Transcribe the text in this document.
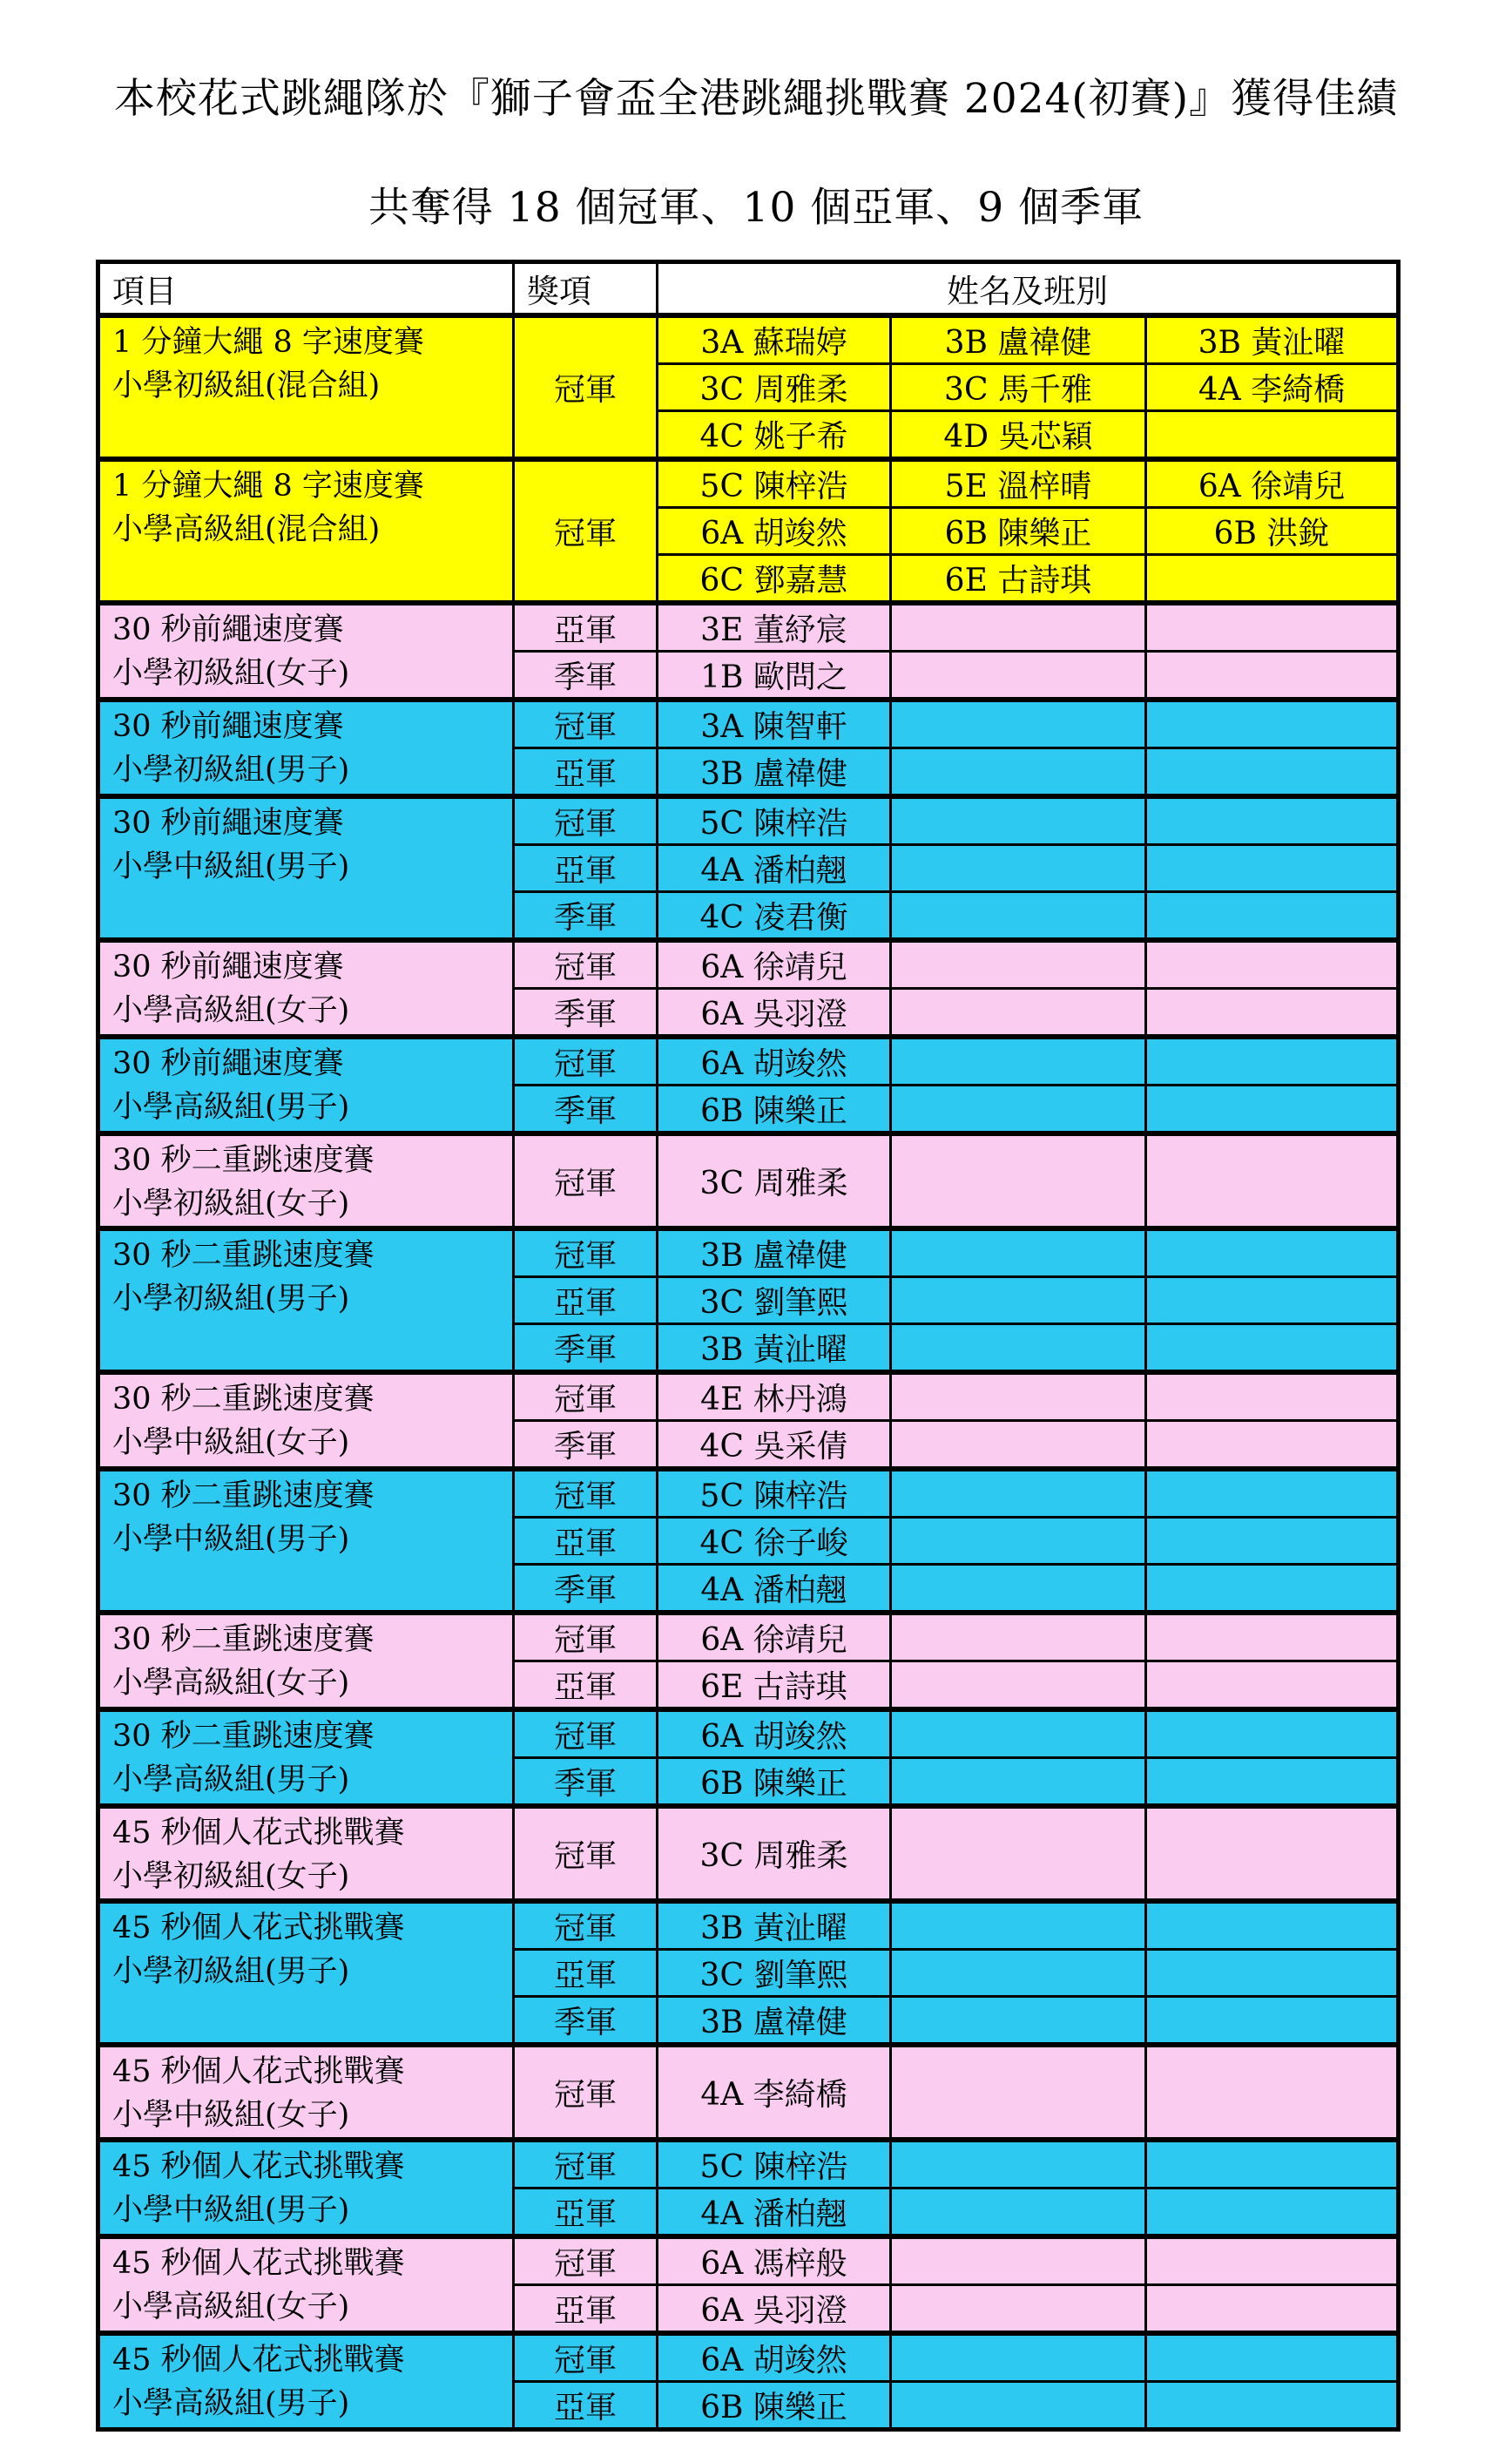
本校花式跳繩隊於『獅子會盃全港跳繩挑戰賽 2024(初賽)』獲得佳績
共奪得 18 個冠軍、10 個亞軍、9 個季軍
項目	獎項	姓名及班別		

1 分鐘大繩 8 字速度賽
小學初級組(混合組)	冠軍	3A 蘇瑞婷	3B 盧禕健	3B 黃沚曜
		3C 周雅柔	3C 馬千雅	4A 李綺橋
		4C 姚子希	4D 吳芯穎	

1 分鐘大繩 8 字速度賽
小學高級組(混合組)	冠軍	5C 陳梓浩	5E 溫梓晴	6A 徐靖兒
		6A 胡竣然	6B 陳樂正	6B 洪銳
		6C 鄧嘉慧	6E 古詩琪	

30 秒前繩速度賽
小學初級組(女子)	亞軍	3E 董紓宸		
	季軍	1B 歐問之		

30 秒前繩速度賽
小學初級組(男子)	冠軍	3A 陳智軒		
	亞軍	3B 盧禕健		

30 秒前繩速度賽
小學中級組(男子)	冠軍	5C 陳梓浩		
	亞軍	4A 潘柏翹		
	季軍	4C 凌君衡		

30 秒前繩速度賽
小學高級組(女子)	冠軍	6A 徐靖兒		
	季軍	6A 吳羽澄		

30 秒前繩速度賽
小學高級組(男子)	冠軍	6A 胡竣然		
	季軍	6B 陳樂正		

30 秒二重跳速度賽
小學初級組(女子)	冠軍	3C 周雅柔		

30 秒二重跳速度賽
小學初級組(男子)	冠軍	3B 盧禕健		
	亞軍	3C 劉筆熙		
	季軍	3B 黃沚曜		

30 秒二重跳速度賽
小學中級組(女子)	冠軍	4E 林丹鴻		
	季軍	4C 吳采倩		

30 秒二重跳速度賽
小學中級組(男子)	冠軍	5C 陳梓浩		
	亞軍	4C 徐子峻		
	季軍	4A 潘柏翹		

30 秒二重跳速度賽
小學高級組(女子)	冠軍	6A 徐靖兒		
	亞軍	6E 古詩琪		

30 秒二重跳速度賽
小學高級組(男子)	冠軍	6A 胡竣然		
	季軍	6B 陳樂正		

45 秒個人花式挑戰賽
小學初級組(女子)	冠軍	3C 周雅柔		

45 秒個人花式挑戰賽
小學初級組(男子)	冠軍	3B 黃沚曜		
	亞軍	3C 劉筆熙		
	季軍	3B 盧禕健		

45 秒個人花式挑戰賽
小學中級組(女子)	冠軍	4A 李綺橋		

45 秒個人花式挑戰賽
小學中級組(男子)	冠軍	5C 陳梓浩		
	亞軍	4A 潘柏翹		

45 秒個人花式挑戰賽
小學高級組(女子)	冠軍	6A 馮梓般		
	亞軍	6A 吳羽澄		

45 秒個人花式挑戰賽
小學高級組(男子)	冠軍	6A 胡竣然		
	亞軍	6B 陳樂正		
